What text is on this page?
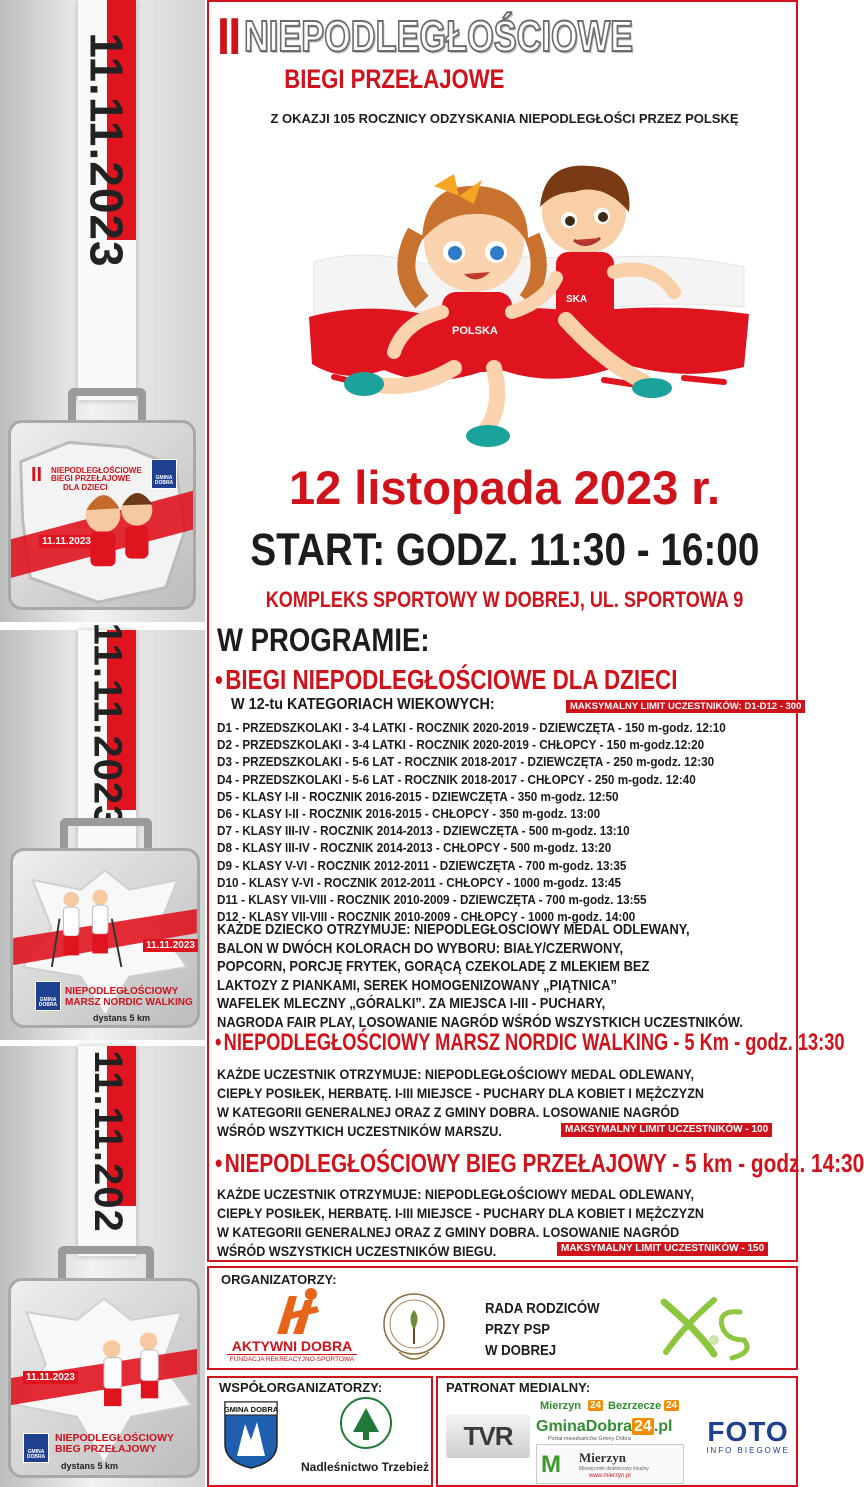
11.11.2023
II NIEPODLEGŁOŚCIOWE
BIEGI PRZEŁAJOWE
DLA DZIECI
GMINA DOBRA
11.11.2023
11.11.2023
11.11.2023
GMINA DOBRA
NIEPODLEGŁOŚCIOWY
MARSZ NORDIC WALKING
dystans 5 km
11.11.202
11.11.2023
GMINA DOBRA
NIEPODLEGŁOŚCIOWY
BIEG PRZEŁAJOWY
dystans 5 km
II NIEPODLEGŁOŚCIOWE
BIEGI PRZEŁAJOWE
Z OKAZJI 105 ROCZNICY ODZYSKANIA NIEPODLEGŁOŚCI PRZEZ POLSKĘ
SKA
POLSKA
12 listopada 2023 r.
START: GODZ. 11:30 - 16:00
KOMPLEKS SPORTOWY W DOBREJ, UL. SPORTOWA 9
W PROGRAMIE:
•BIEGI NIEPODLEGŁOŚCIOWE DLA DZIECI
W 12-tu KATEGORIACH WIEKOWYCH:	MAKSYMALNY LIMIT UCZESTNIKÓW: D1-D12 - 300
D1 - PRZEDSZKOLAKI - 3-4 LATKI - ROCZNIK 2020-2019 - DZIEWCZĘTA - 150 m-godz. 12:10
D2 - PRZEDSZKOLAKI - 3-4 LATKI - ROCZNIK 2020-2019 - CHŁOPCY - 150 m-godz.12:20
D3 - PRZEDSZKOLAKI - 5-6 LAT - ROCZNIK 2018-2017 - DZIEWCZĘTA - 250 m-godz. 12:30
D4 - PRZEDSZKOLAKI - 5-6 LAT - ROCZNIK 2018-2017 - CHŁOPCY - 250 m-godz. 12:40
D5 - KLASY I-II - ROCZNIK 2016-2015 - DZIEWCZĘTA - 350 m-godz. 12:50
D6 - KLASY I-II - ROCZNIK 2016-2015 - CHŁOPCY - 350 m-godz. 13:00
D7 - KLASY III-IV - ROCZNIK 2014-2013 - DZIEWCZĘTA - 500 m-godz. 13:10
D8 - KLASY III-IV - ROCZNIK 2014-2013 - CHŁOPCY - 500 m-godz. 13:20
D9 - KLASY V-VI - ROCZNIK 2012-2011 - DZIEWCZĘTA - 700 m-godz. 13:35
D10 - KLASY V-VI - ROCZNIK 2012-2011 - CHŁOPCY - 1000 m-godz. 13:45
D11 - KLASY VII-VIII - ROCZNIK 2010-2009 - DZIEWCZĘTA - 700 m-godz. 13:55
D12 - KLASY VII-VIII - ROCZNIK 2010-2009 - CHŁOPCY - 1000 m-godz. 14:00
KAŻDE DZIECKO OTRZYMUJE: NIEPODLEGŁOŚCIOWY MEDAL ODLEWANY,
BALON W DWÓCH KOLORACH DO WYBORU: BIAŁY/CZERWONY,
POPCORN, PORCJĘ FRYTEK, GORĄCĄ CZEKOLADĘ Z MLEKIEM BEZ
LAKTOZY Z PIANKAMI, SEREK HOMOGENIZOWANY „PIĄTNICA”
WAFELEK MLECZNY „GÓRALKI”. ZA MIEJSCA I-III - PUCHARY,
NAGRODA FAIR PLAY, LOSOWANIE NAGRÓD WŚRÓD WSZYSTKICH UCZESTNIKÓW.
•NIEPODLEGŁOŚCIOWY MARSZ NORDIC WALKING - 5 Km - godz. 13:30
KAŻDE UCZESTNIK OTRZYMUJE: NIEPODLEGŁOŚCIOWY MEDAL ODLEWANY,
CIEPŁY POSIŁEK, HERBATĘ. I-III MIEJSCE - PUCHARY DLA KOBIET I MĘŻCZYZN
W KATEGORII GENERALNEJ ORAZ Z GMINY DOBRA. LOSOWANIE NAGRÓD
WŚRÓD WSZYTKICH UCZESTNIKÓW MARSZU.	MAKSYMALNY LIMIT UCZESTNIKÓW - 100
•NIEPODLEGŁOŚCIOWY BIEG PRZEŁAJOWY - 5 km - godz. 14:30
KAŻDE UCZESTNIK OTRZYMUJE: NIEPODLEGŁOŚCIOWY MEDAL ODLEWANY,
CIEPŁY POSIŁEK, HERBATĘ. I-III MIEJSCE - PUCHARY DLA KOBIET I MĘŻCZYZN
W KATEGORII GENERALNEJ ORAZ Z GMINY DOBRA. LOSOWANIE NAGRÓD
WŚRÓD WSZYSTKICH UCZESTNIKÓW BIEGU.	MAKSYMALNY LIMIT UCZESTNIKÓW - 150
ORGANIZATORZY:
AKTYWNI DOBRA
FUNDACJA REKREACYJNO-SPORTOWA
RADA RODZICÓW
PRZY PSP
W DOBREJ
WSPÓŁORGANIZATORZY:
GMINA DOBRA
Nadleśnictwo Trzebież
PATRONAT MEDIALNY:
TVR
Mierzyn 24 Bezrzecze 24
GminaDobra 24 .pl
Portal mieszkańców Gminy Dobra
M Mierzyn
Miesięcznik dzielnicowy lokalny
www.mierzyn.pl
FOTO
INFO BIEGOWE
